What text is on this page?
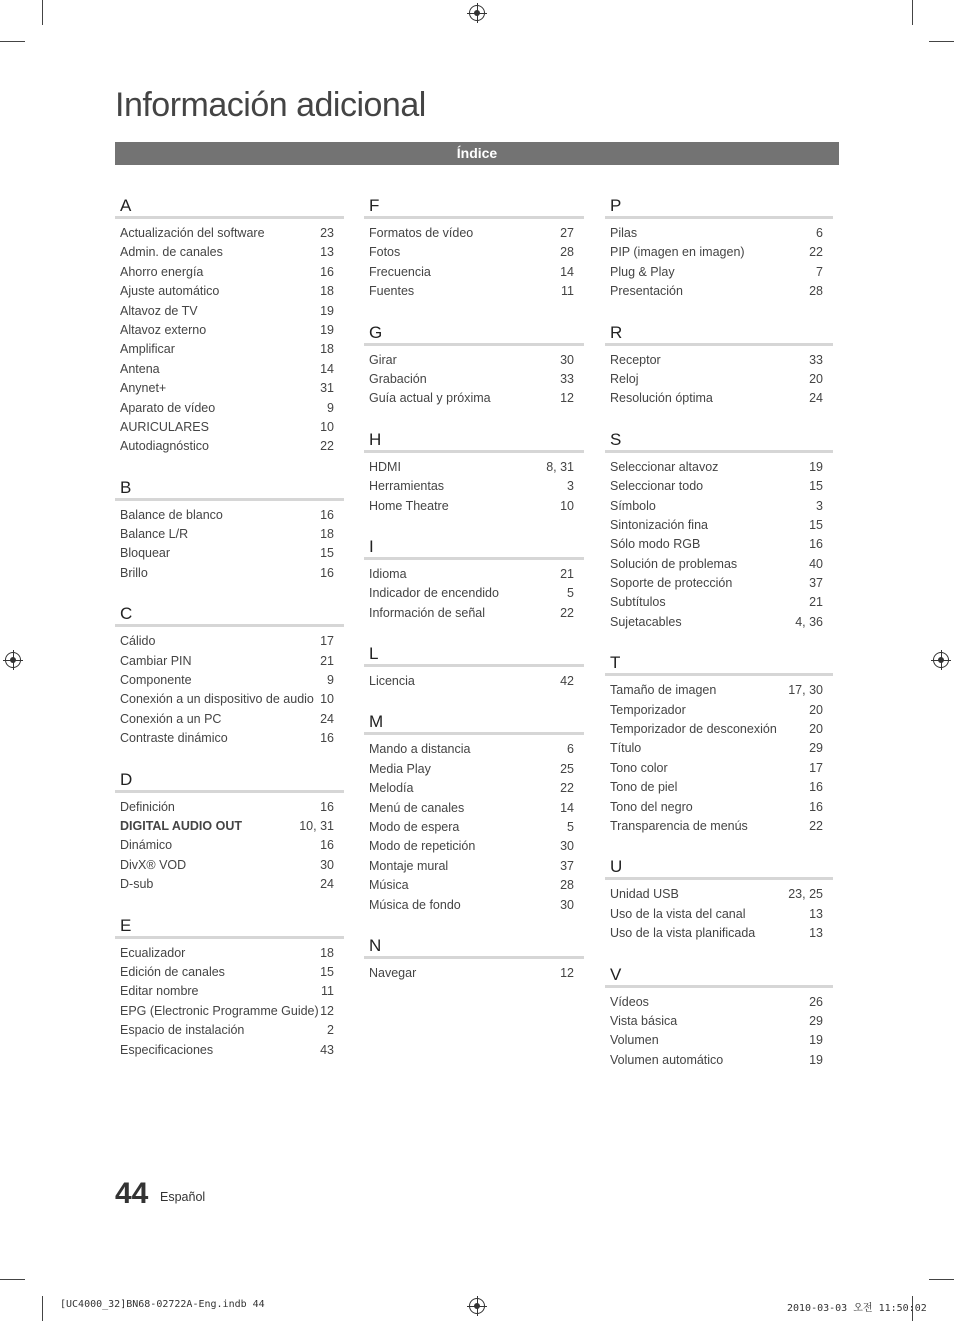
Información adicional
Índice
A
Actualización del software	23
Admin. de canales	13
Ahorro energía	16
Ajuste automático	18
Altavoz de TV	19
Altavoz externo	19
Amplificar	18
Antena	14
Anynet+	31
Aparato de vídeo	9
AURICULARES	10
Autodiagnóstico	22
B
Balance de blanco	16
Balance L/R	18
Bloquear	15
Brillo	16
C
Cálido	17
Cambiar PIN	21
Componente	9
Conexión a un dispositivo de audio 10
Conexión a un PC	24
Contraste dinámico	16
D
Definición	16
DIGITAL AUDIO OUT	10, 31
Dinámico	16
DivX® VOD	30
D-sub	24
E
Ecualizador	18
Edición de canales	15
Editar nombre	11
EPG (Electronic Programme Guide) 12
Espacio de instalación	2
Especificaciones	43
F
Formatos de vídeo	27
Fotos	28
Frecuencia	14
Fuentes	11
G
Girar	30
Grabación	33
Guía actual y próxima	12
H
HDMI	8, 31
Herramientas	3
Home Theatre	10
I
Idioma	21
Indicador de encendido	5
Información de señal	22
L
Licencia	42
M
Mando a distancia	6
Media Play	25
Melodía	22
Menú de canales	14
Modo de espera	5
Modo de repetición	30
Montaje mural	37
Música	28
Música de fondo	30
N
Navegar	12
P
Pilas	6
PIP (imagen en imagen)	22
Plug & Play	7
Presentación	28
R
Receptor	33
Reloj	20
Resolución óptima	24
S
Seleccionar altavoz	19
Seleccionar todo	15
Símbolo	3
Sintonización fina	15
Sólo modo RGB	16
Solución de problemas	40
Soporte de protección	37
Subtítulos	21
Sujetacables	4, 36
T
Tamaño de imagen	17, 30
Temporizador	20
Temporizador de desconexión	20
Título	29
Tono color	17
Tono de piel	16
Tono del negro	16
Transparencia de menús	22
U
Unidad USB	23, 25
Uso de la vista del canal	13
Uso de la vista planificada	13
V
Vídeos	26
Vista básica	29
Volumen	19
Volumen automático	19
44 Español
[UC4000_32]BN68-02722A-Eng.indb 44	2010-03-03 오전 11:50:02
